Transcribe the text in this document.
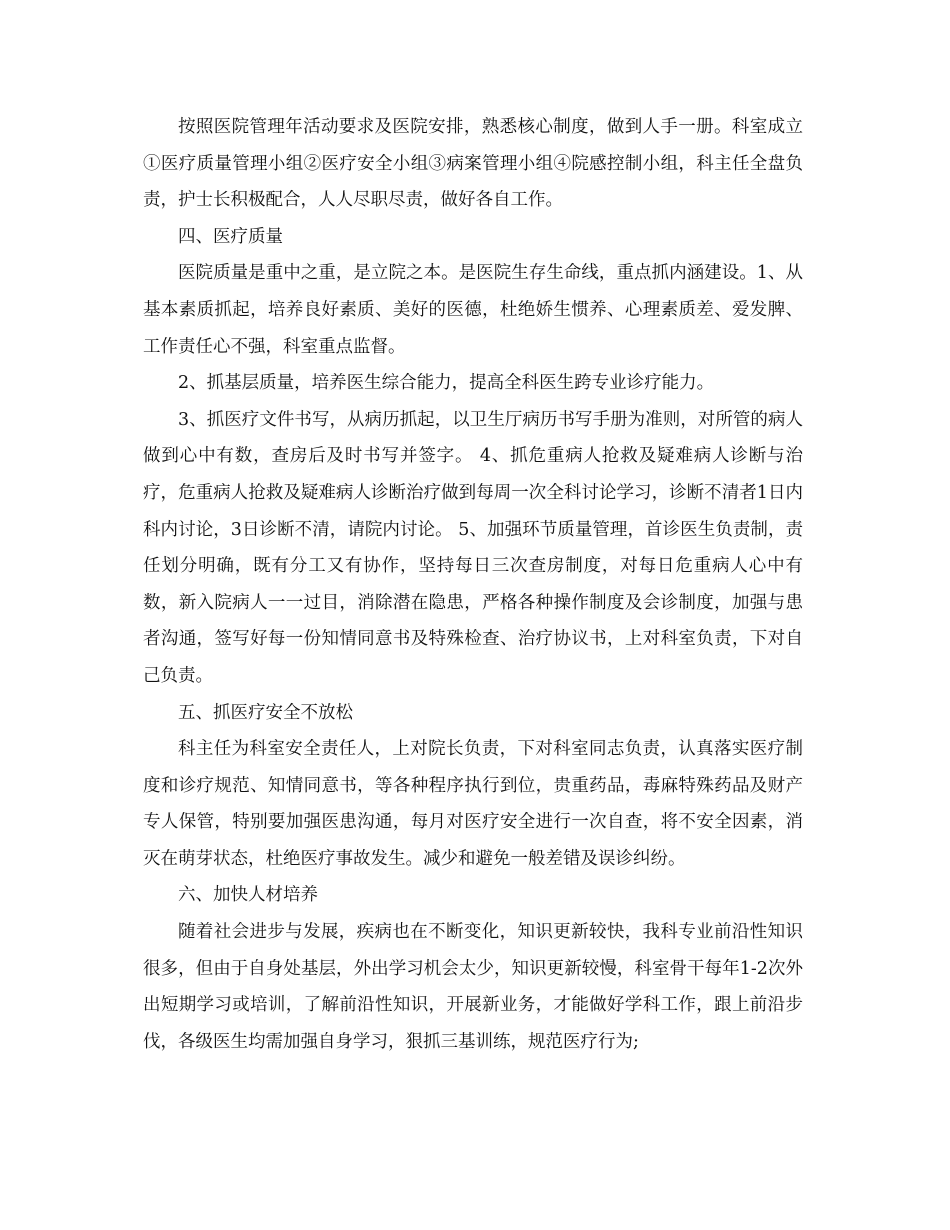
按照医院管理年活动要求及医院安排，熟悉核心制度，做到人手一册。科室成立①医疗质量管理小组②医疗安全小组③病案管理小组④院感控制小组，科主任全盘负责，护士长积极配合，人人尽职尽责，做好各自工作。

四、医疗质量

医院质量是重中之重，是立院之本。是医院生存生命线，重点抓内涵建设。1、从基本素质抓起，培养良好素质、美好的医德，杜绝娇生惯养、心理素质差、爱发脾、工作责任心不强，科室重点监督。

2、抓基层质量，培养医生综合能力，提高全科医生跨专业诊疗能力。

3、抓医疗文件书写，从病历抓起，以卫生厅病历书写手册为准则，对所管的病人做到心中有数，查房后及时书写并签字。 4、抓危重病人抢救及疑难病人诊断与治疗，危重病人抢救及疑难病人诊断治疗做到每周一次全科讨论学习，诊断不清者1日内科内讨论，3日诊断不清，请院内讨论。 5、加强环节质量管理，首诊医生负责制，责任划分明确，既有分工又有协作，坚持每日三次查房制度，对每日危重病人心中有数，新入院病人一一过目，消除潜在隐患，严格各种操作制度及会诊制度，加强与患者沟通，签写好每一份知情同意书及特殊检查、治疗协议书，上对科室负责，下对自己负责。

五、抓医疗安全不放松

科主任为科室安全责任人，上对院长负责，下对科室同志负责，认真落实医疗制度和诊疗规范、知情同意书，等各种程序执行到位，贵重药品，毒麻特殊药品及财产专人保管，特别要加强医患沟通，每月对医疗安全进行一次自查，将不安全因素，消灭在萌芽状态，杜绝医疗事故发生。减少和避免一般差错及误诊纠纷。

六、加快人材培养

随着社会进步与发展，疾病也在不断变化，知识更新较快，我科专业前沿性知识很多，但由于自身处基层，外出学习机会太少，知识更新较慢，科室骨干每年1-2次外出短期学习或培训，了解前沿性知识，开展新业务，才能做好学科工作，跟上前沿步伐，各级医生均需加强自身学习，狠抓三基训练，规范医疗行为;
